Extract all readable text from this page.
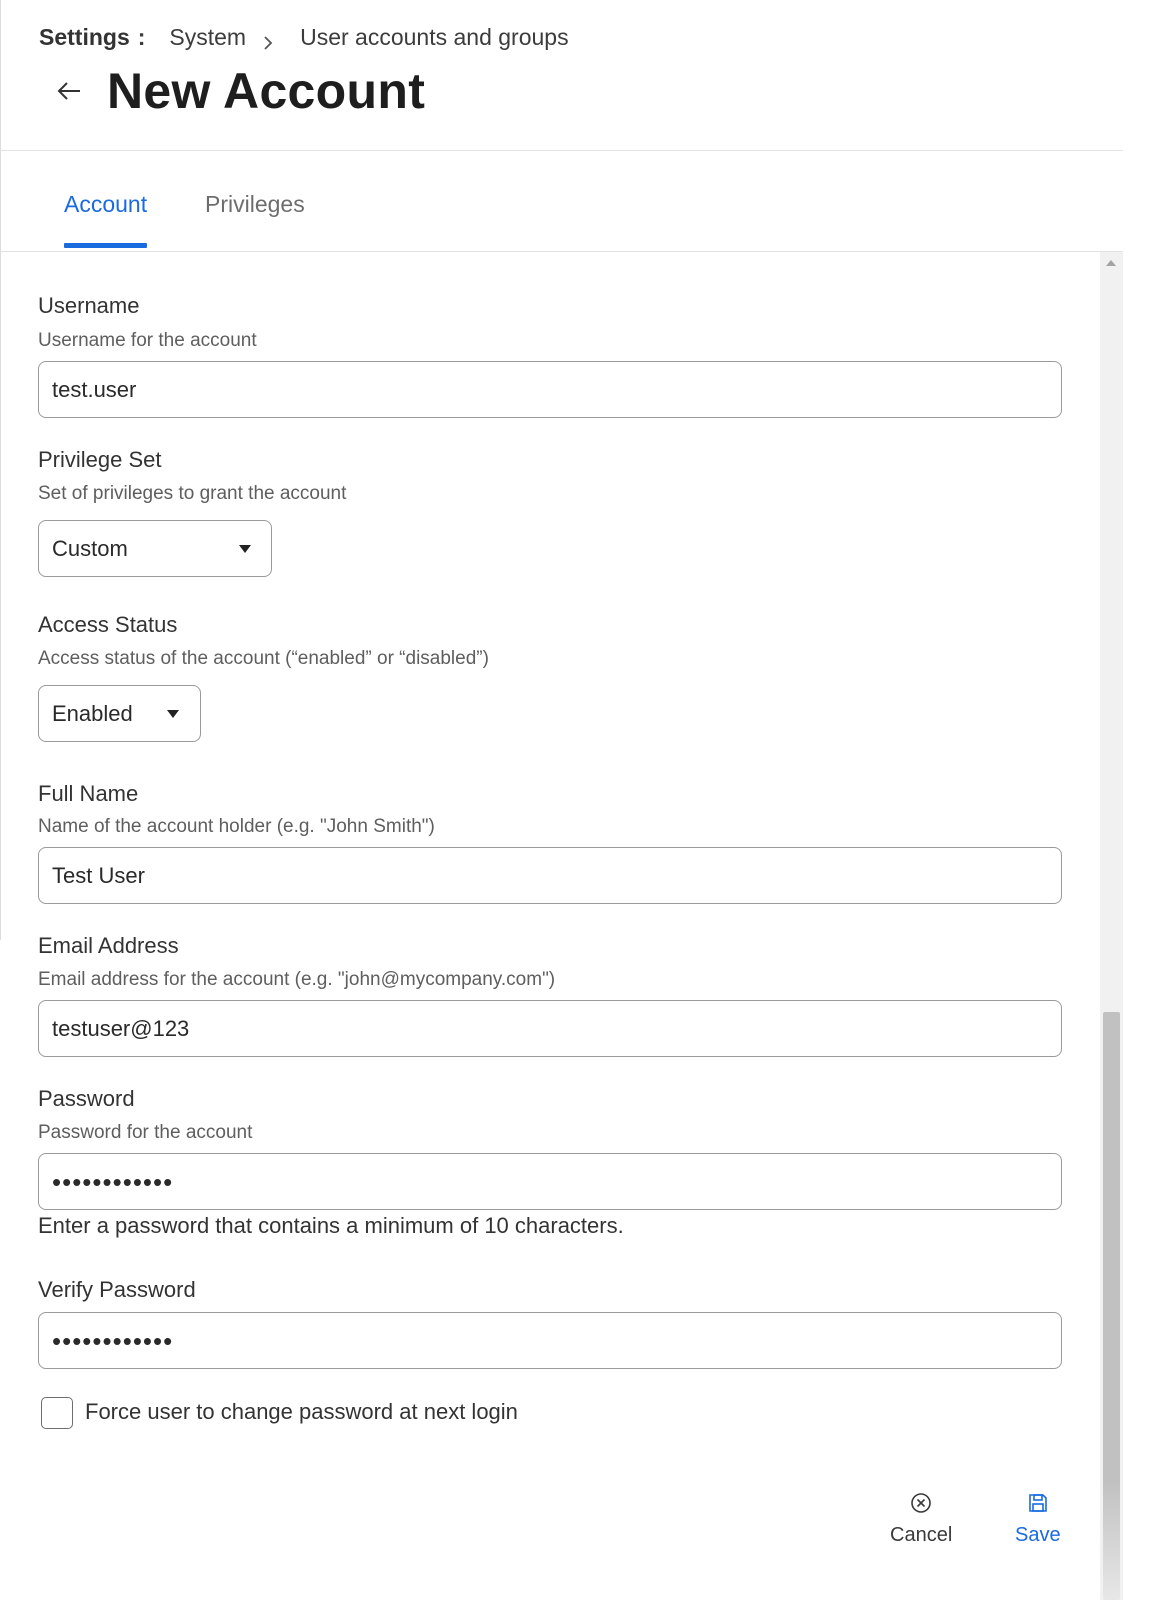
Settings : System User accounts and groups
New Account
Account	Privileges
Username
Username for the account
test.user
Privilege Set
Set of privileges to grant the account
Custom
Access Status
Access status of the account (“enabled” or “disabled”)
Enabled
Full Name
Name of the account holder (e.g. "John Smith")
Test User
Email Address
Email address for the account (e.g. "john@mycompany.com")
testuser@123
Password
Password for the account
••••••••••••
Enter a password that contains a minimum of 10 characters.
Verify Password
••••••••••••
Force user to change password at next login
Cancel	Save
